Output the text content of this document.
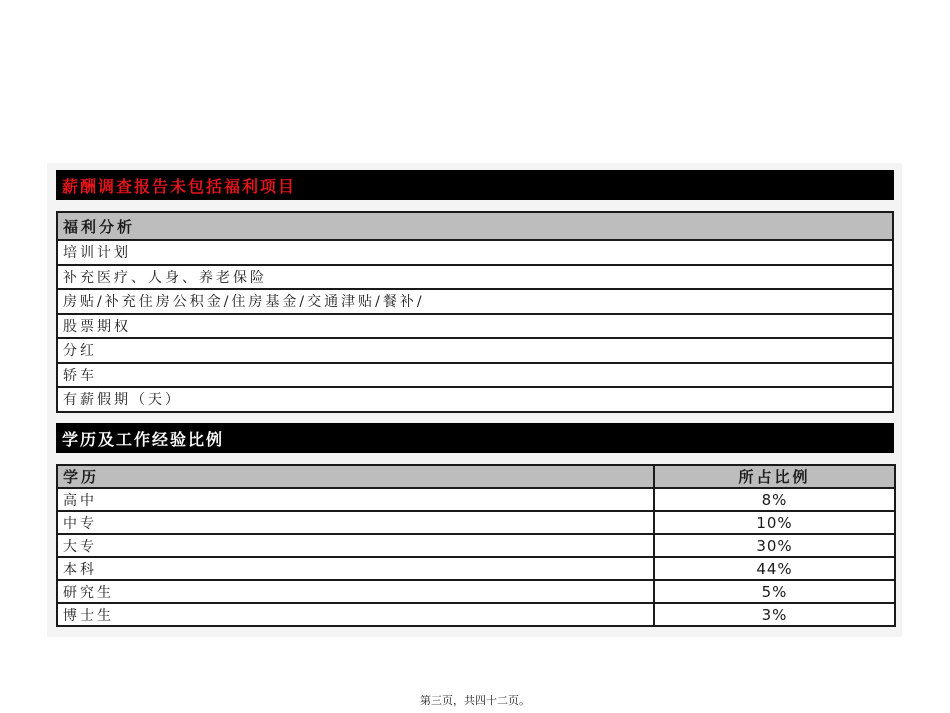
薪酬调查报告未包括福利项目
福利分析
培训计划
补充医疗、人身、养老保险
房贴/补充住房公积金/住房基金/交通津贴/餐补/
股票期权
分红
轿车
有薪假期（天）
学历及工作经验比例
学历	所占比例
高中	8%
中专	10%
大专	30%
本科	44%
研究生	5%
博士生	3%
第三页，共四十二页。
